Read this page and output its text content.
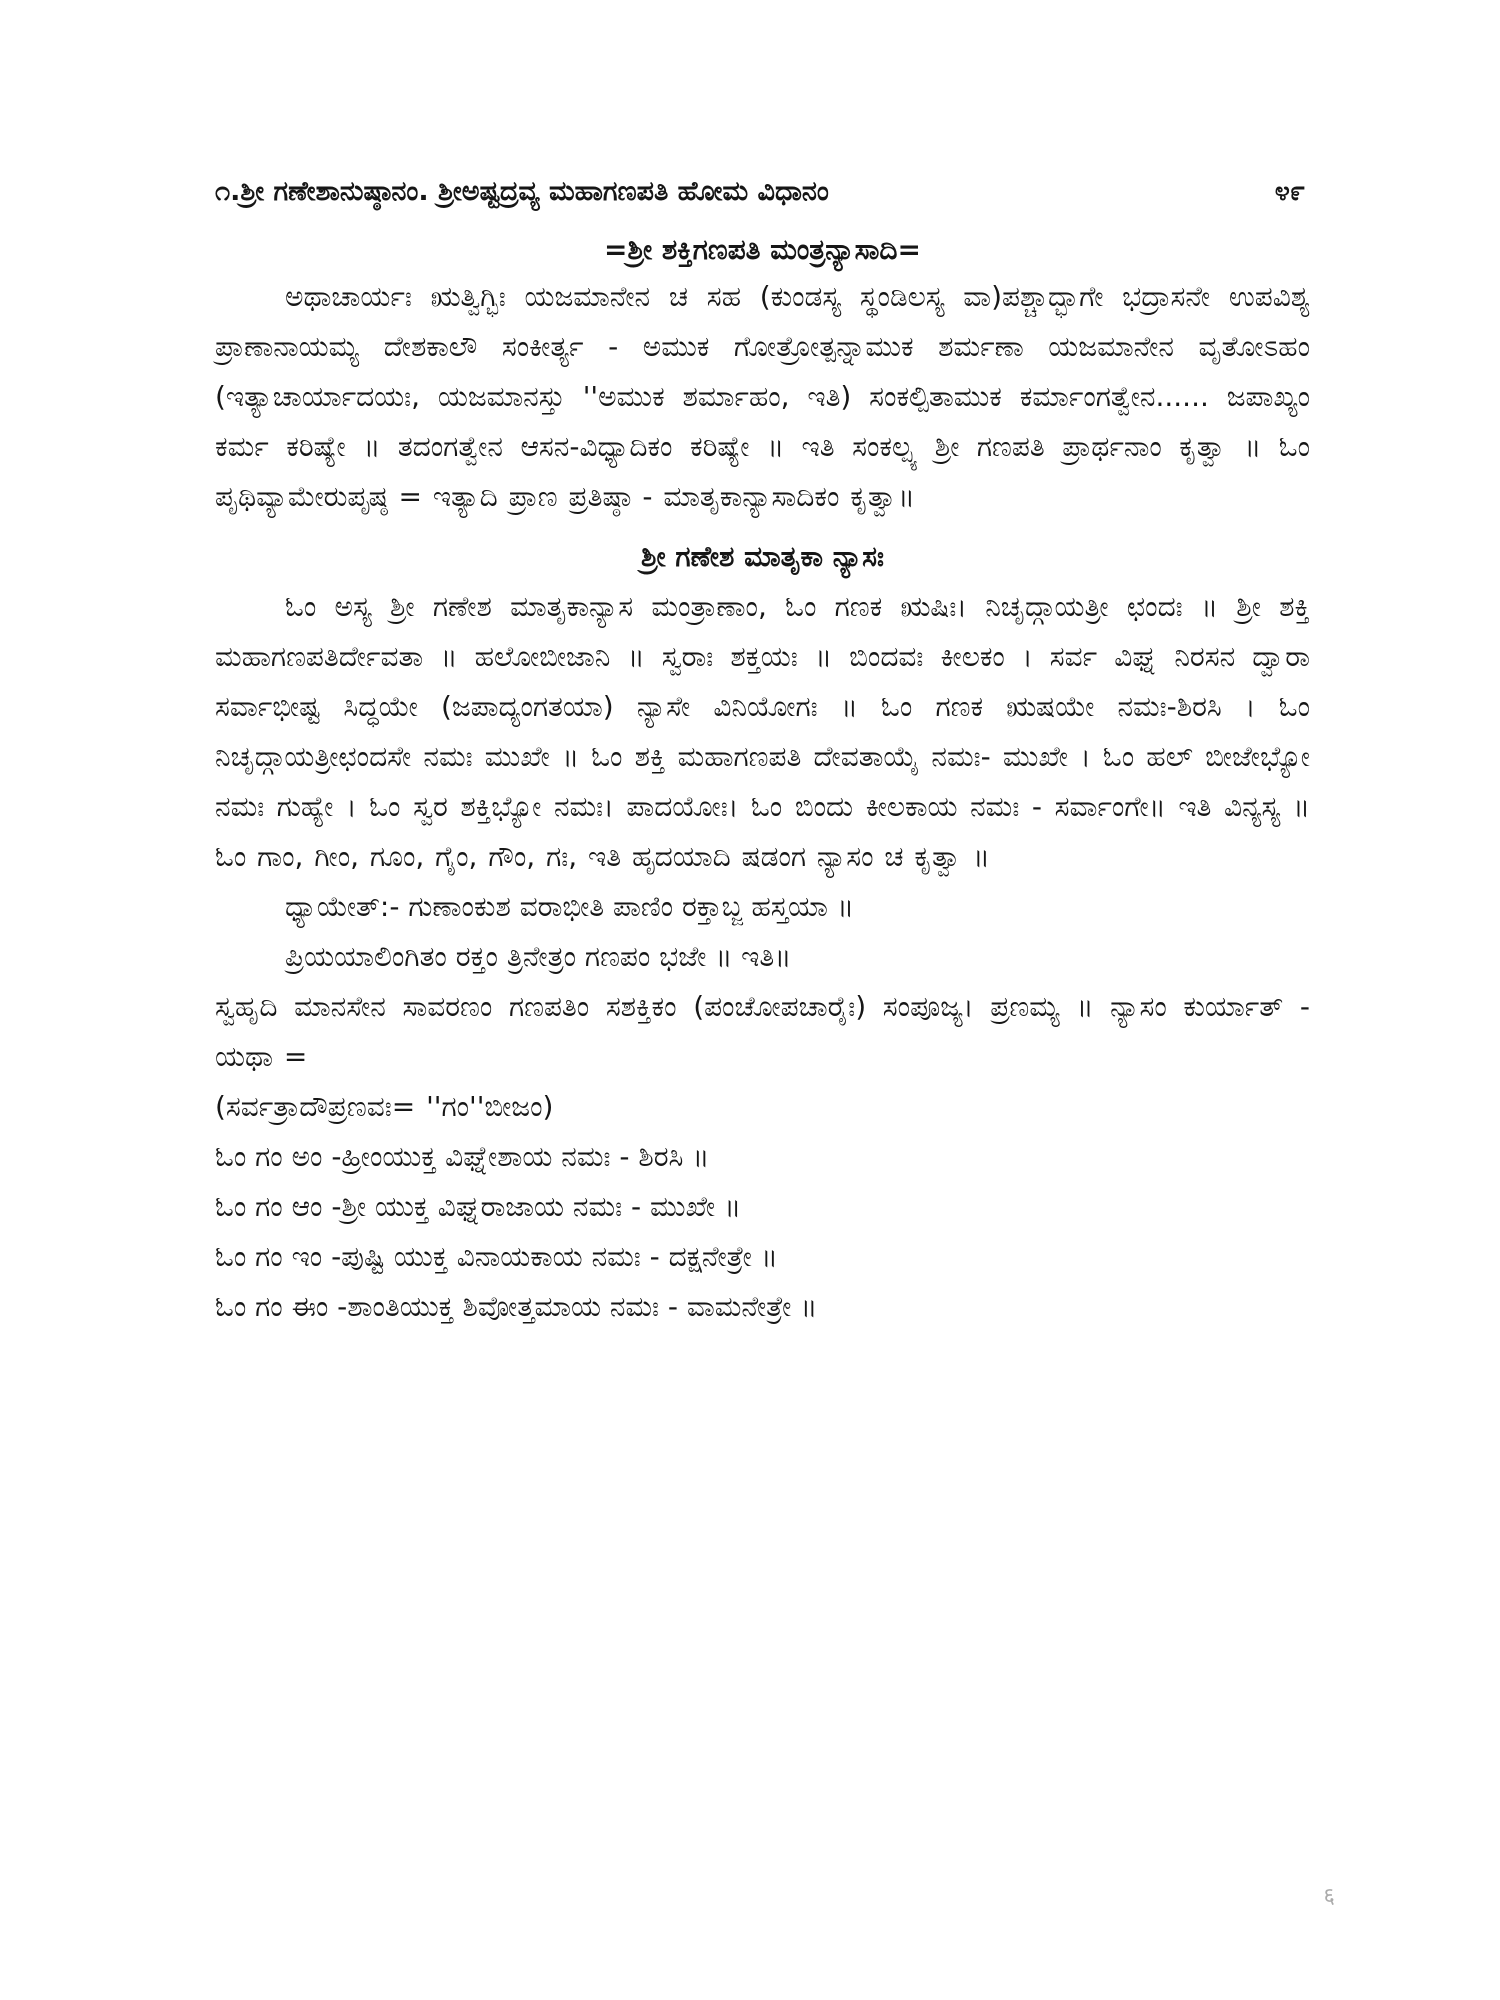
೧.ಶ್ರೀ ಗಣೇಶಾನುಷ್ಠಾನಂ. ಶ್ರೀಅಷ್ಟದ್ರವ್ಯ ಮಹಾಗಣಪತಿ ಹೋಮ ವಿಧಾನಂ	೪೯

=ಶ್ರೀ ಶಕ್ತಿಗಣಪತಿ ಮಂತ್ರನ್ಯಾಸಾದಿ=

ಅಥಾಚಾರ್ಯಃ ಋತ್ವಿಗ್ಭಿಃ ಯಜಮಾನೇನ ಚ ಸಹ (ಕುಂಡಸ್ಯ ಸ್ಥಂಡಿಲಸ್ಯ ವಾ)ಪಶ್ಚಾದ್ಭಾಗೇ ಭದ್ರಾಸನೇ ಉಪವಿಶ್ಯ ಪ್ರಾಣಾನಾಯಮ್ಯ ದೇಶಕಾಲೌ ಸಂಕೀರ್ತ್ಯ - ಅಮುಕ ಗೋತ್ರೋತ್ಪನ್ನಾಮುಕ ಶರ್ಮಣಾ ಯಜಮಾನೇನ ವೃತೋಽಹಂ (ಇತ್ಯಾಚಾರ್ಯಾದಯಃ, ಯಜಮಾನಸ್ತು ''ಅಮುಕ ಶರ್ಮಾಹಂ, ಇತಿ) ಸಂಕಲ್ಪಿತಾಮುಕ ಕರ್ಮಾಂಗತ್ವೇನ...... ಜಪಾಖ್ಯಂ ಕರ್ಮ ಕರಿಷ್ಯೇ ॥ ತದಂಗತ್ವೇನ ಆಸನ-ವಿಧ್ಯಾದಿಕಂ ಕರಿಷ್ಯೇ ॥ ಇತಿ ಸಂಕಲ್ಪ್ಯ ಶ್ರೀ ಗಣಪತಿ ಪ್ರಾರ್ಥನಾಂ ಕೃತ್ವಾ ॥ ಓಂ ಪೃಥಿವ್ಯಾಮೇರುಪೃಷ್ಠ = ಇತ್ಯಾದಿ ಪ್ರಾಣ ಪ್ರತಿಷ್ಠಾ - ಮಾತೃಕಾನ್ಯಾಸಾದಿಕಂ ಕೃತ್ವಾ॥

ಶ್ರೀ ಗಣೇಶ ಮಾತೃಕಾ ನ್ಯಾಸಃ

ಓಂ ಅಸ್ಯ ಶ್ರೀ ಗಣೇಶ ಮಾತೃಕಾನ್ಯಾಸ ಮಂತ್ರಾಣಾಂ, ಓಂ ಗಣಕ ಋಷಿಃ। ನಿಚೃದ್ಗಾಯತ್ರೀ ಛಂದಃ ॥ ಶ್ರೀ ಶಕ್ತಿ ಮಹಾಗಣಪತಿರ್ದೇವತಾ ॥ ಹಲೋಬೀಜಾನಿ ॥ ಸ್ವರಾಃ ಶಕ್ತಯಃ ॥ ಬಿಂದವಃ ಕೀಲಕಂ । ಸರ್ವ ವಿಘ್ನ ನಿರಸನ ದ್ವಾರಾ ಸರ್ವಾಭೀಷ್ಟ ಸಿದ್ಧಯೇ (ಜಪಾದ್ಯಂಗತಯಾ) ನ್ಯಾಸೇ ವಿನಿಯೋಗಃ ॥ ಓಂ ಗಣಕ ಋಷಯೇ ನಮಃ-ಶಿರಸಿ । ಓಂ ನಿಚೃದ್ಗಾಯತ್ರೀಛಂದಸೇ ನಮಃ ಮುಖೇ ॥ ಓಂ ಶಕ್ತಿ ಮಹಾಗಣಪತಿ ದೇವತಾಯೈ ನಮಃ- ಮುಖೇ । ಓಂ ಹಲ್ ಬೀಜೇಭ್ಯೋ ನಮಃ ಗುಹ್ಯೇ । ಓಂ ಸ್ವರ ಶಕ್ತಿಭ್ಯೋ ನಮಃ। ಪಾದಯೋಃ। ಓಂ ಬಿಂದು ಕೀಲಕಾಯ ನಮಃ - ಸರ್ವಾಂಗೇ॥ ಇತಿ ವಿನ್ಯಸ್ಯ ॥ಓಂ ಗಾಂ, ಗೀಂ, ಗೂಂ, ಗೈಂ, ಗೌಂ, ಗಃ, ಇತಿ ಹೃದಯಾದಿ ಷಡಂಗ ನ್ಯಾಸಂ ಚ ಕೃತ್ವಾ ॥

ಧ್ಯಾಯೇತ್:- ಗುಣಾಂಕುಶ ವರಾಭೀತಿ ಪಾಣಿಂ ರಕ್ತಾಬ್ಜ ಹಸ್ತಯಾ ॥

ಪ್ರಿಯಯಾಲಿಂಗಿತಂ ರಕ್ತಂ ತ್ರಿನೇತ್ರಂ ಗಣಪಂ ಭಜೇ ॥ ಇತಿ॥

ಸ್ವಹೃದಿ ಮಾನಸೇನ ಸಾವರಣಂ ಗಣಪತಿಂ ಸಶಕ್ತಿಕಂ (ಪಂಚೋಪಚಾರೈಃ) ಸಂಪೂಜ್ಯ। ಪ್ರಣಮ್ಯ ॥ ನ್ಯಾಸಂ ಕುರ್ಯಾತ್ - ಯಥಾ =

(ಸರ್ವತ್ರಾದೌಪ್ರಣವಃ= ''ಗಂ''ಬೀಜಂ)

ಓಂ ಗಂ ಅಂ -ಹ್ರೀಂಯುಕ್ತ ವಿಘ್ನೇಶಾಯ ನಮಃ - ಶಿರಸಿ ॥

ಓಂ ಗಂ ಆಂ -ಶ್ರೀ ಯುಕ್ತ ವಿಘ್ನರಾಜಾಯ ನಮಃ - ಮುಖೇ ॥

ಓಂ ಗಂ ಇಂ -ಪುಷ್ಟಿ ಯುಕ್ತ ವಿನಾಯಕಾಯ ನಮಃ - ದಕ್ಷನೇತ್ರೇ ॥

ಓಂ ಗಂ ಈಂ -ಶಾಂತಿಯುಕ್ತ ಶಿವೋತ್ತಮಾಯ ನಮಃ - ವಾಮನೇತ್ರೇ ॥

६
